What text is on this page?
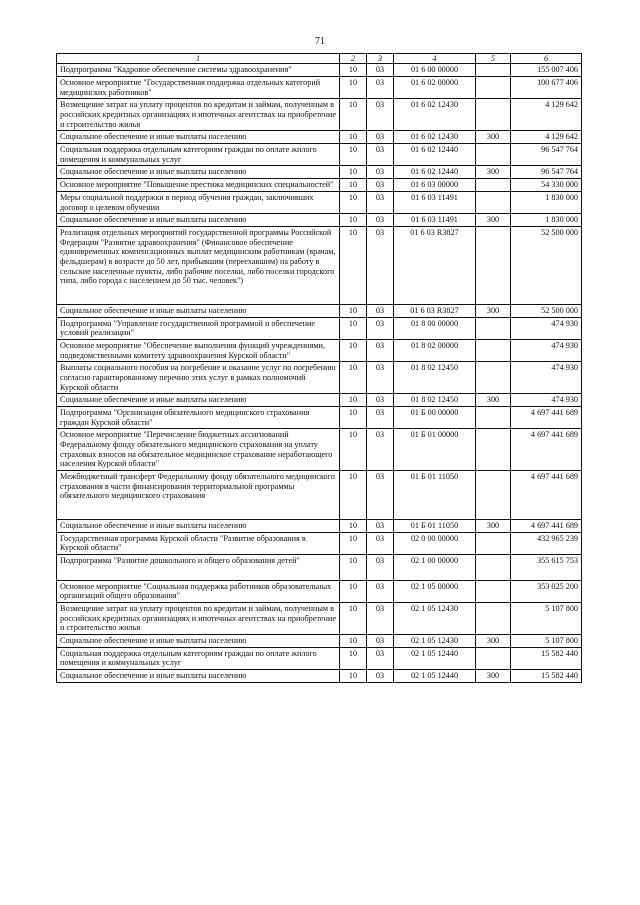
71
1	2	3	4	5	6
Подпрограмма "Кадровое обеспечение системы здравоохранения"	10	03	01 6 00 00000		155 007 406
Основное мероприятие "Государственная поддержка отдельных категорий медицинских работников"	10	03	01 6 02 00000		100 677 406
Возмещение затрат на уплату процентов по кредитам и займам, полученным в российских кредитных организациях и ипотечных агентствах на приобретение и строительство жилья	10	03	01 6 02 12430		4 129 642
Социальное обеспечение и иные выплаты населению	10	03	01 6 02 12430	300	4 129 642
Социальная поддержка отдельным категориям граждан по оплате жилого помещения и коммунальных услуг	10	03	01 6 02 12440		96 547 764
Социальное обеспечение и иные выплаты населению	10	03	01 6 02 12440	300	96 547 764
Основное мероприятие "Повышение престижа медицинских специальностей"	10	03	01 6 03 00000		54 330 000
Меры социальной поддержки в период обучения граждан, заключивших договор о целевом обучении	10	03	01 6 03 11491		1 830 000
Социальное обеспечение и иные выплаты населению	10	03	01 6 03 11491	300	1 830 000
Реализация отдельных мероприятий государственной программы Российской Федерации "Развитие здравоохранения" (Финансовое обеспечение единовременных компенсационных выплат медицинским работникам (врачам, фельдшерам) в возрасте до 50 лет, прибывшим (переехавшим) на работу в сельские населенные пункты, либо рабочие поселки, либо поселки городского типа, либо города с населением до 50 тыс. человек")	10	03	01 6 03 R3827		52 500 000
Социальное обеспечение и иные выплаты населению	10	03	01 6 03 R3827	300	52 500 000
Подпрограмма "Управление государственной программой и обеспечение условий реализации"	10	03	01 8 00 00000		474 930
Основное мероприятие "Обеспечение выполнения функций учреждениями, подведомственными комитету здравоохранения Курской области"	10	03	01 8 02 00000		474 930
Выплаты социального пособия на погребение и оказание услуг по погребению согласно гарантированному перечню этих услуг в рамках полномочий Курской области	10	03	01 8 02 12450		474 930
Социальное обеспечение и иные выплаты населению	10	03	01 8 02 12450	300	474 930
Подпрограмма "Организация обязательного медицинского страхования граждан Курской области"	10	03	01 Б 00 00000		4 697 441 689
Основное мероприятие "Перечисление бюджетных ассигнований Федеральному фонду обязательного медицинского страхования на уплату страховых взносов на обязательное медицинское страхование неработающего населения Курской области"	10	03	01 Б 01 00000		4 697 441 689
Межбюджетный трансферт Федеральному фонду обязательного медицинского страхования в части финансирования территориальной программы обязательного медицинского страхования	10	03	01 Б 01 11050		4 697 441 689
Социальное обеспечение и иные выплаты населению	10	03	01 Б 01 11050	300	4 697 441 689
Государственная программа Курской области "Развитие образования в Курской области"	10	03	02 0 00 00000		432 965 239
Подпрограмма "Развитие дошкольного и общего образования детей"	10	03	02 1 00 00000		355 615 753
Основное мероприятие "Социальная поддержка работников образовательных организаций общего образования"	10	03	02 1 05 00000		353 025 200
Возмещение затрат на уплату процентов по кредитам и займам, полученным в российских кредитных организациях и ипотечных агентствах на приобретение и строительство жилья	10	03	02 1 05 12430		5 107 800
Социальное обеспечение и иные выплаты населению	10	03	02 1 05 12430	300	5 107 800
Социальная поддержка отдельным категориям граждан по оплате жилого помещения и коммунальных услуг	10	03	02 1 05 12440		15 582 440
Социальное обеспечение и иные выплаты населению	10	03	02 1 05 12440	300	15 582 440
